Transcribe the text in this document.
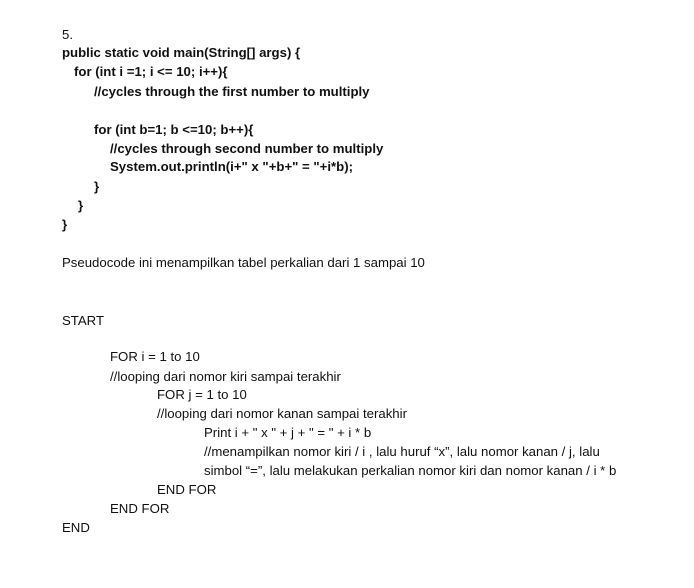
5.
public static void main(String[] args) {
for (int i =1; i <= 10; i++){
//cycles through the first number to multiply
for (int b=1; b <=10; b++){
//cycles through second number to multiply
System.out.println(i+" x "+b+" = "+i*b);
}
}
}
Pseudocode ini menampilkan tabel perkalian dari 1 sampai 10
START
FOR i = 1 to 10
//looping dari nomor kiri sampai terakhir
FOR j = 1 to 10
//looping dari nomor kanan sampai terakhir
Print i + " x " + j + " = " + i * b
//menampilkan nomor kiri / i , lalu huruf “x”, lalu nomor kanan / j, lalu
simbol “=”, lalu melakukan perkalian nomor kiri dan nomor kanan / i * b
END FOR
END FOR
END
